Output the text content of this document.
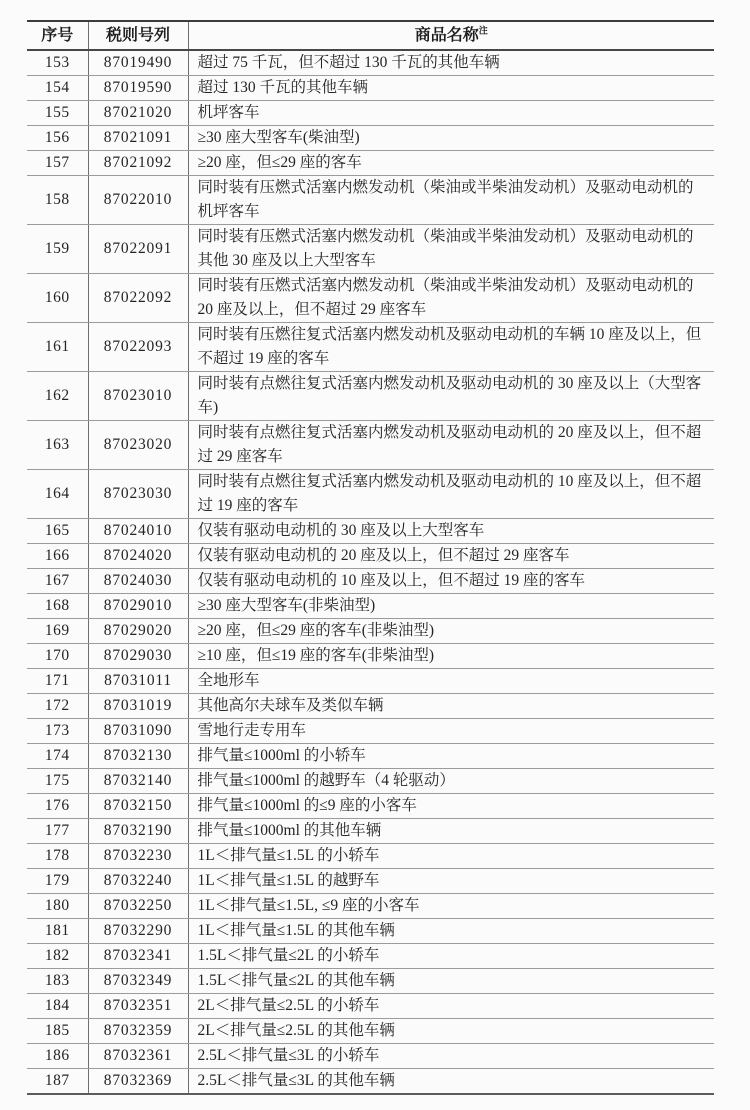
序号	税则号列	商品名称$^注$
153	87019490	超过 75 千瓦，但不超过 130 千瓦的其他车辆
154	87019590	超过 130 千瓦的其他车辆
155	87021020	机坪客车
156	87021091	≥30 座大型客车(柴油型)
157	87021092	≥20 座，但≤29 座的客车
158	87022010	同时装有压燃式活塞内燃发动机（柴油或半柴油发动机）及驱动电动机的机坪客车
159	87022091	同时装有压燃式活塞内燃发动机（柴油或半柴油发动机）及驱动电动机的其他 30 座及以上大型客车
160	87022092	同时装有压燃式活塞内燃发动机（柴油或半柴油发动机）及驱动电动机的 20 座及以上，但不超过 29 座客车
161	87022093	同时装有压燃往复式活塞内燃发动机及驱动电动机的车辆 10 座及以上，但不超过 19 座的客车
162	87023010	同时装有点燃往复式活塞内燃发动机及驱动电动机的 30 座及以上（大型客车)
163	87023020	同时装有点燃往复式活塞内燃发动机及驱动电动机的 20 座及以上，但不超过 29 座客车
164	87023030	同时装有点燃往复式活塞内燃发动机及驱动电动机的 10 座及以上，但不超过 19 座的客车
165	87024010	仅装有驱动电动机的 30 座及以上大型客车
166	87024020	仅装有驱动电动机的 20 座及以上，但不超过 29 座客车
167	87024030	仅装有驱动电动机的 10 座及以上，但不超过 19 座的客车
168	87029010	≥30 座大型客车(非柴油型)
169	87029020	≥20 座，但≤29 座的客车(非柴油型)
170	87029030	≥10 座，但≤19 座的客车(非柴油型)
171	87031011	全地形车
172	87031019	其他高尔夫球车及类似车辆
173	87031090	雪地行走专用车
174	87032130	排气量≤1000ml 的小轿车
175	87032140	排气量≤1000ml 的越野车（4 轮驱动）
176	87032150	排气量≤1000ml 的≤9 座的小客车
177	87032190	排气量≤1000ml 的其他车辆
178	87032230	1L＜排气量≤1.5L 的小轿车
179	87032240	1L＜排气量≤1.5L 的越野车
180	87032250	1L＜排气量≤1.5L, ≤9 座的小客车
181	87032290	1L＜排气量≤1.5L 的其他车辆
182	87032341	1.5L＜排气量≤2L 的小轿车
183	87032349	1.5L＜排气量≤2L 的其他车辆
184	87032351	2L＜排气量≤2.5L 的小轿车
185	87032359	2L＜排气量≤2.5L 的其他车辆
186	87032361	2.5L＜排气量≤3L 的小轿车
187	87032369	2.5L＜排气量≤3L 的其他车辆
